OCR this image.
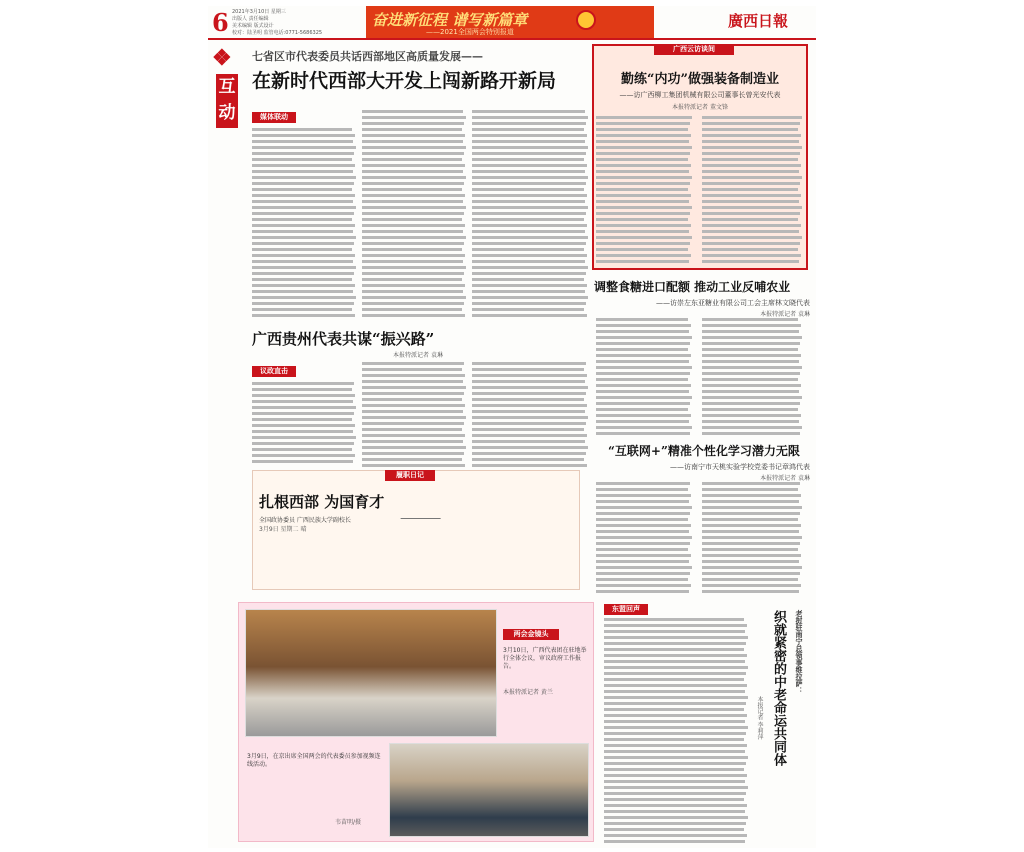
6 2021年3月10日 星期三
出版人 责任编辑
美术编辑 版式设计
校对：陆圣明 监管电话:0771-5686325
奋进新征程 谱写新篇章
——2021全国两会特别报道
廣西日報
❖
互动
七省区市代表委员共话西部地区高质量发展——
在新时代西部大开发上闯新路开新局
媒体联动
广西云访谈间
勤练“内功”做强装备制造业
——访广西柳工集团机械有限公司董事长曾光安代表
本报特派记者 董文锋
调整食糖进口配额 推动工业反哺农业
——访崇左东亚糖业有限公司工会主席林文晓代表
本报特派记者 袁琳
“互联网+”精准个性化学习潜力无限
——访南宁市天桃实验学校党委书记章鸿代表
本报特派记者 袁琳
广西贵州代表共谋“振兴路”
本报特派记者 袁琳
议政直击
履职日记
扎根西部 为国育才
全国政协委员 广西民族大学副校长
3月9日 星期二 晴
两会金镜头
3月10日，广西代表团在驻地举行全体会议，审议政府工作报告。
本报特派记者 黄兰
3月9日，在京出席全国两会的代表委员参加视频连线活动。
韦苗明/摄
东盟回声
织就紧密的中老命运共同体	老挝驻南宁总领事维拉萨：
本报记者 李莉萍
